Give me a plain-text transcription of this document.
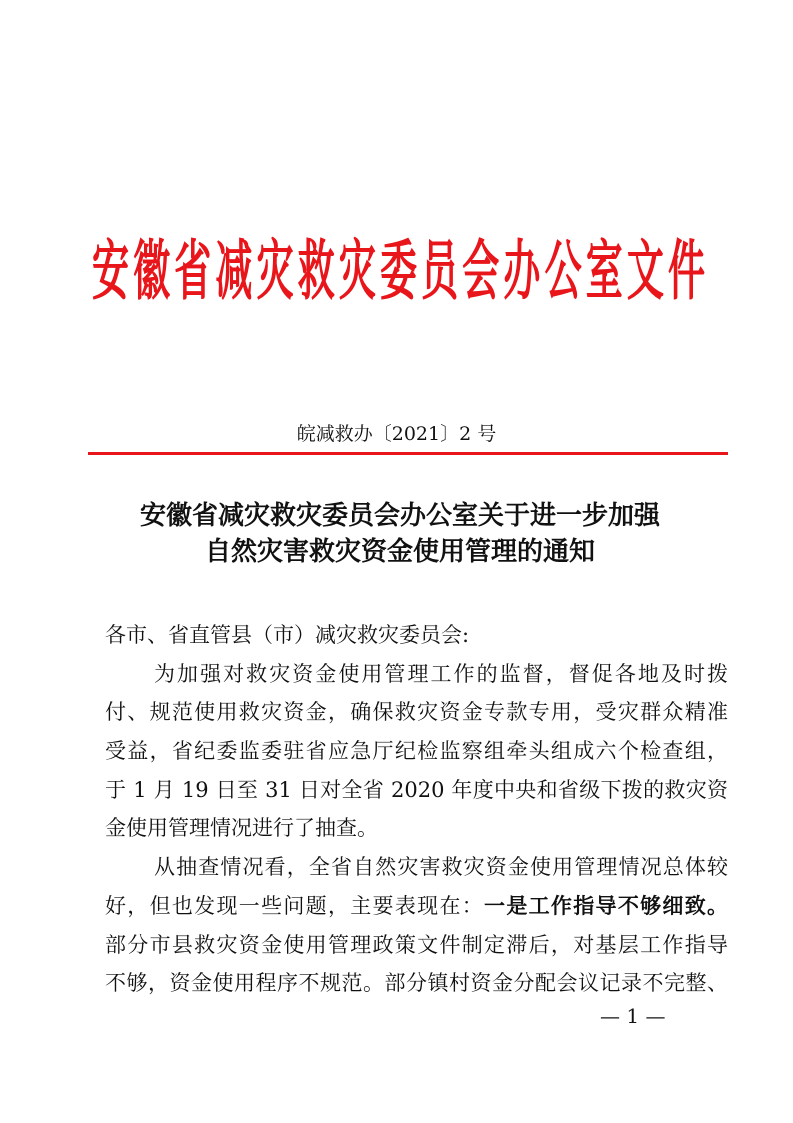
安徽省减灾救灾委员会办公室文件
皖减救办〔2021〕2 号
安徽省减灾救灾委员会办公室关于进一步加强
自然灾害救灾资金使用管理的通知
各市、省直管县（市）减灾救灾委员会:
为加强对救灾资金使用管理工作的监督，督促各地及时拨
付、规范使用救灾资金，确保救灾资金专款专用，受灾群众精准
受益，省纪委监委驻省应急厅纪检监察组牵头组成六个检查组，
于 1 月 19 日至 31 日对全省 2020 年度中央和省级下拨的救灾资
金使用管理情况进行了抽查。
从抽查情况看，全省自然灾害救灾资金使用管理情况总体较
好，但也发现一些问题，主要表现在：一是工作指导不够细致。
部分市县救灾资金使用管理政策文件制定滞后，对基层工作指导
不够，资金使用程序不规范。部分镇村资金分配会议记录不完整、
— 1 —
